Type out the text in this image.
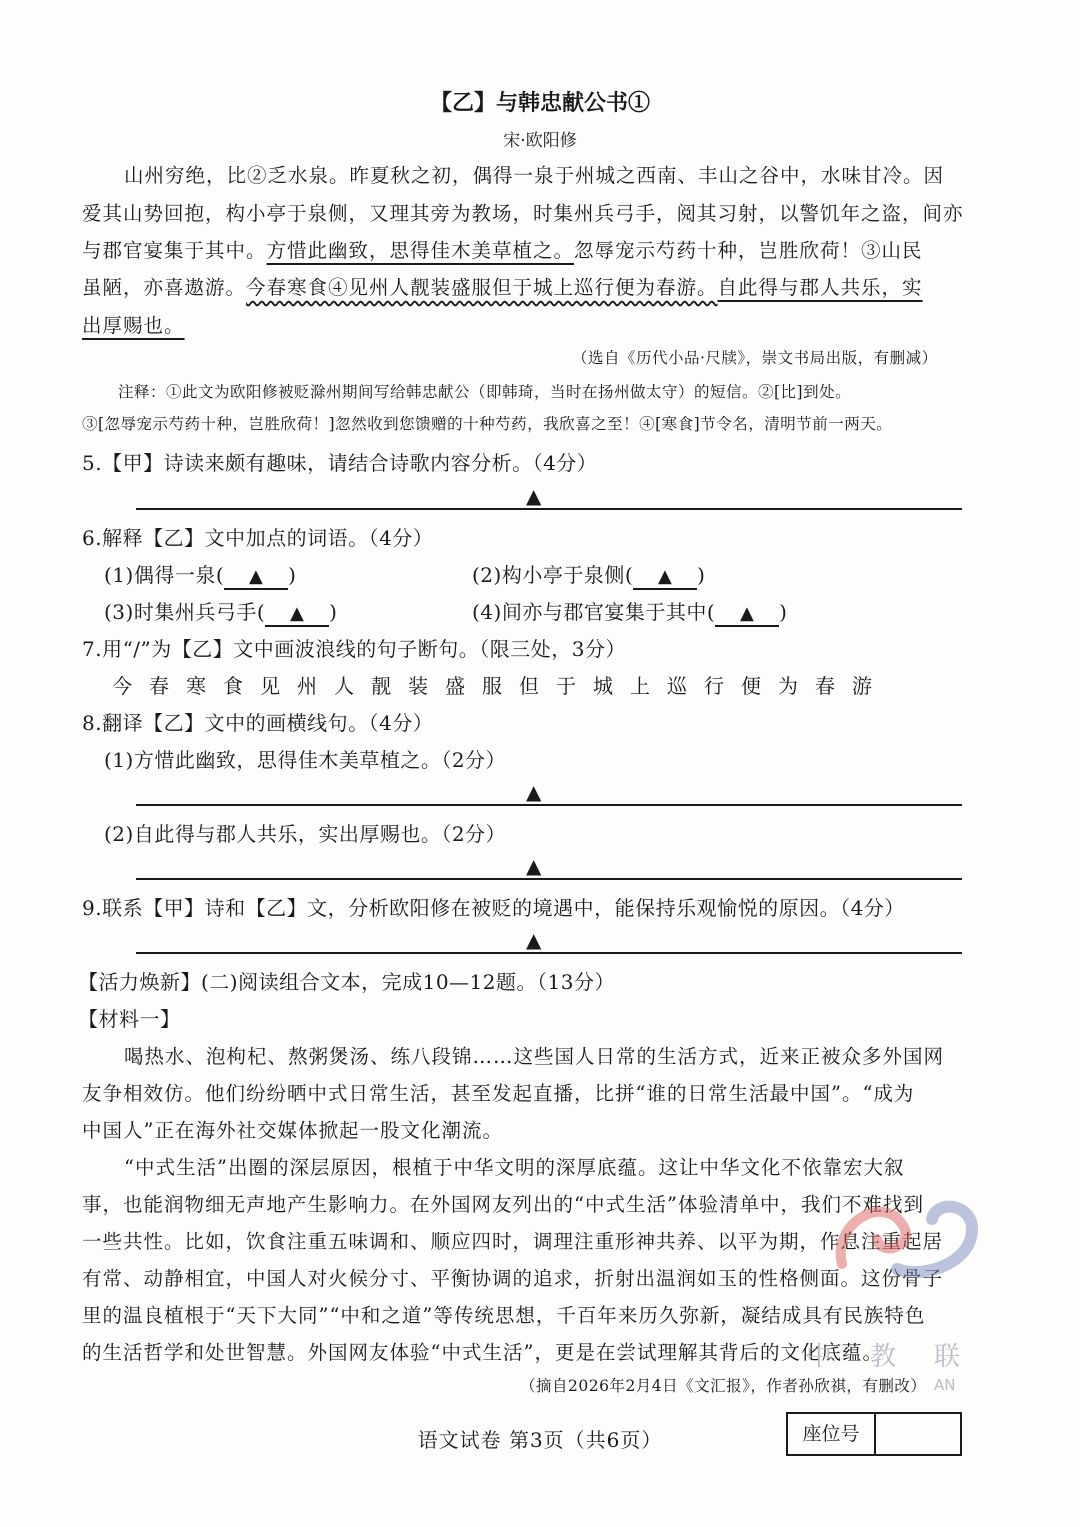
【乙】与韩忠献公书①
宋·欧阳修
山州穷绝，比②乏水泉。昨夏秋之初，偶得一泉于州城之西南、丰山之谷中，水味甘冷。因
爱其山势回抱，构小亭于泉侧，又理其旁为教场，时集州兵弓手，阅其习射，以警饥年之盗，间亦
与郡官宴集于其中。方惜此幽致，思得佳木美草植之。忽辱宠示芍药十种，岂胜欣荷！③山民
虽陋，亦喜遨游。今春寒食④见州人靓装盛服但于城上巡行便为春游。自此得与郡人共乐，实
出厚赐也。
（选自《历代小品·尺牍》，崇文书局出版，有删减）
注释：①此文为欧阳修被贬滁州期间写给韩忠献公（即韩琦，当时在扬州做太守）的短信。②[比]到处。
③[忽辱宠示芍药十种，岂胜欣荷！]忽然收到您馈赠的十种芍药，我欣喜之至！④[寒食]节令名，清明节前一两天。
5.【甲】诗读来颇有趣味，请结合诗歌内容分析。（4分）
▲
6.解释【乙】文中加点的词语。（4分）
(1)偶得一泉( ▲ )	(2)构小亭于泉侧( ▲ )
(3)时集州兵弓手( ▲ )	(4)间亦与郡官宴集于其中( ▲ )
7.用“/”为【乙】文中画波浪线的句子断句。（限三处，3分）
今春寒食见州人靓装盛服但于城上巡行便为春游
8.翻译【乙】文中的画横线句。（4分）
(1)方惜此幽致，思得佳木美草植之。（2分）
▲
(2)自此得与郡人共乐，实出厚赐也。（2分）
▲
9.联系【甲】诗和【乙】文，分析欧阳修在被贬的境遇中，能保持乐观愉悦的原因。（4分）
▲
【活力焕新】(二)阅读组合文本，完成10—12题。（13分）
【材料一】
喝热水、泡枸杞、熬粥煲汤、练八段锦……这些国人日常的生活方式，近来正被众多外国网
友争相效仿。他们纷纷晒中式日常生活，甚至发起直播，比拼“谁的日常生活最中国”。“成为
中国人”正在海外社交媒体掀起一股文化潮流。
“中式生活”出圈的深层原因，根植于中华文明的深厚底蕴。这让中华文化不依靠宏大叙
事，也能润物细无声地产生影响力。在外国网友列出的“中式生活”体验清单中，我们不难找到
一些共性。比如，饮食注重五味调和、顺应四时，调理注重形神共养、以平为期，作息注重起居
有常、动静相宜，中国人对火候分寸、平衡协调的追求，折射出温润如玉的性格侧面。这份骨子
里的温良植根于“天下大同”“中和之道”等传统思想，千百年来历久弥新，凝结成具有民族特色
的生活哲学和处世智慧。外国网友体验“中式生活”，更是在尝试理解其背后的文化底蕴。
（摘自2026年2月4日《文汇报》，作者孙欣祺，有删改）
中教联
AN
语文试卷 第3页（共6页）	座位号
